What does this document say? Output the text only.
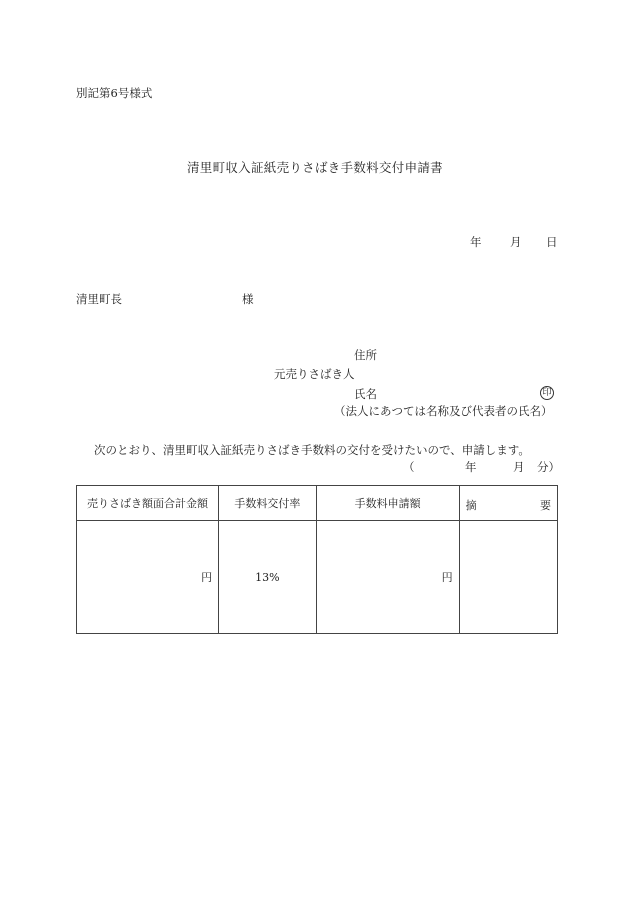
別記第6号様式
清里町収入証紙売りさばき手数料交付申請書
年 月 日
清里町長	様
住所
元売りさばき人
氏名	印
（法人にあつては名称及び代表者の氏名）
次のとおり、清里町収入証紙売りさばき手数料の交付を受けたいので、申請します。
（	年	月 分）
売りさばき額面合計金額	手数料交付率	手数料申請額	摘 要

円	13%	円	
